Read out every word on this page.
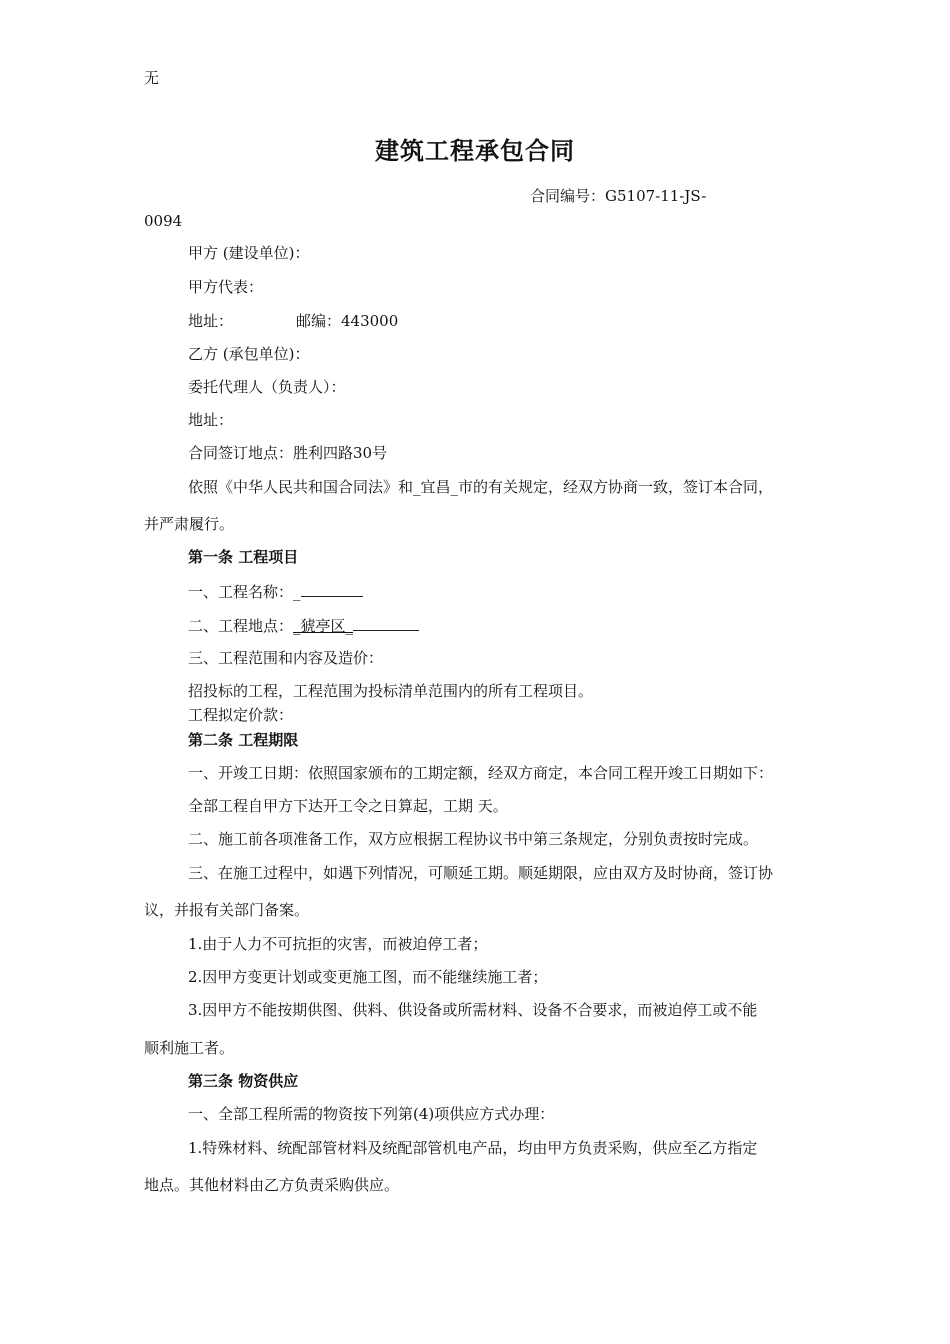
无
建筑工程承包合同
合同编号：G5107-11-JS-
0094
甲方 (建设单位)：
甲方代表：
地址：	邮编：443000
乙方 (承包单位)：
委托代理人（负责人）：
地址：
合同签订地点：胜利四路30号
依照《中华人民共和国合同法》和_宜昌_市的有关规定，经双方协商一致，签订本合同，
并严肃履行。
第一条 工程项目
一、工程名称：_
二、工程地点：_猇亭区_
三、工程范围和内容及造价：
招投标的工程，工程范围为投标清单范围内的所有工程项目。
工程拟定价款：
第二条 工程期限
一、开竣工日期：依照国家颁布的工期定额，经双方商定，本合同工程开竣工日期如下：
全部工程自甲方下达开工令之日算起，工期 天。
二、施工前各项准备工作，双方应根据工程协议书中第三条规定，分别负责按时完成。
三、在施工过程中，如遇下列情况，可顺延工期。顺延期限，应由双方及时协商，签订协
议，并报有关部门备案。
1.由于人力不可抗拒的灾害，而被迫停工者；
2.因甲方变更计划或变更施工图，而不能继续施工者；
3.因甲方不能按期供图、供料、供设备或所需材料、设备不合要求，而被迫停工或不能
顺利施工者。
第三条 物资供应
一、全部工程所需的物资按下列第(4)项供应方式办理：
1.特殊材料、统配部管材料及统配部管机电产品，均由甲方负责采购，供应至乙方指定
地点。其他材料由乙方负责采购供应。
